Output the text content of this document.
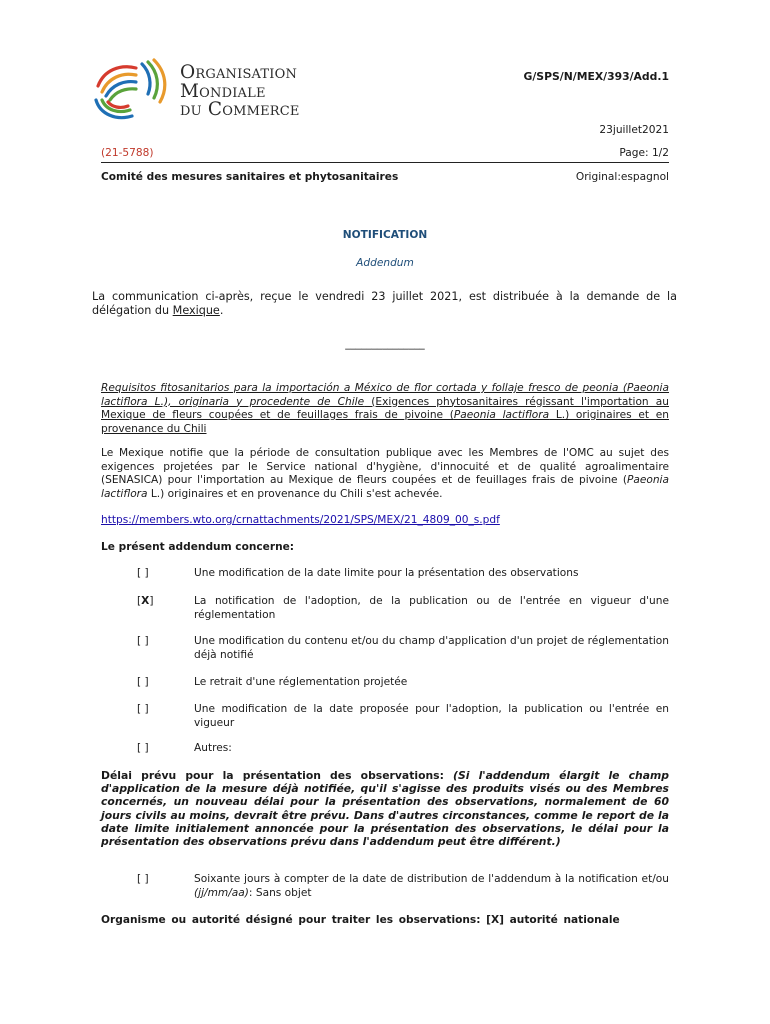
Organisation
Mondiale
du Commerce
G/SPS/N/MEX/393/Add.1
23juillet2021
(21-5788)	Page: 1/2
Comité des mesures sanitaires et phytosanitaires	Original:espagnol
NOTIFICATION
Addendum
La communication ci-après, reçue le vendredi 23 juillet 2021, est distribuée à la demande de la délégation du Mexique.
_______________
Requisitos fitosanitarios para la importación a México de flor cortada y follaje fresco de peonia (Paeonia lactiflora L.), originaria y procedente de Chile (Exigences phytosanitaires régissant l'importation au Mexique de fleurs coupées et de feuillages frais de pivoine (Paeonia lactiflora L.) originaires et en provenance du Chili
Le Mexique notifie que la période de consultation publique avec les Membres de l'OMC au sujet des exigences projetées par le Service national d'hygiène, d'innocuité et de qualité agroalimentaire (SENASICA) pour l'importation au Mexique de fleurs coupées et de feuillages frais de pivoine (Paeonia lactiflora L.) originaires et en provenance du Chili s'est achevée.
https://members.wto.org/crnattachments/2021/SPS/MEX/21_4809_00_s.pdf
Le présent addendum concerne:
[ ]	Une modification de la date limite pour la présentation des observations
[X]	La notification de l'adoption, de la publication ou de l'entrée en vigueur d'une réglementation
[ ]	Une modification du contenu et/ou du champ d'application d'un projet de réglementation déjà notifié
[ ]	Le retrait d'une réglementation projetée
[ ]	Une modification de la date proposée pour l'adoption, la publication ou l'entrée en vigueur
[ ]	Autres:
Délai prévu pour la présentation des observations: (Si l'addendum élargit le champ d'application de la mesure déjà notifiée, qu'il s'agisse des produits visés ou des Membres concernés, un nouveau délai pour la présentation des observations, normalement de 60 jours civils au moins, devrait être prévu. Dans d'autres circonstances, comme le report de la date limite initialement annoncée pour la présentation des observations, le délai pour la présentation des observations prévu dans l'addendum peut être différent.)
[ ]	Soixante jours à compter de la date de distribution de l'addendum à la notification et/ou (jj/mm/aa): Sans objet
Organisme ou autorité désigné pour traiter les observations: [X] autorité nationale
